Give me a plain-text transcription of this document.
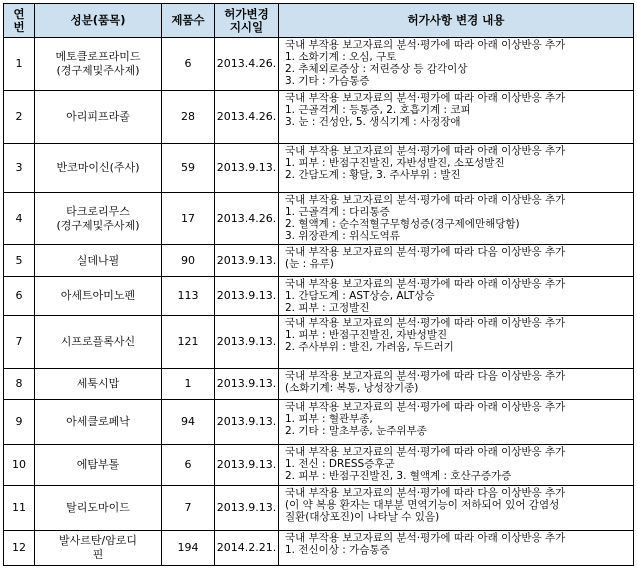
연
번	성분(품목)	제품수	허가변경
지시일	허가사항 변경 내용
1	메토클로프라미드
(경구제및주사제)	6	2013.4.26.	국내 부작용 보고자료의 분석·평가에 따라 아래 이상반응 추가
1. 소화기계 : 오심, 구토
2. 추체외로증상 : 저린증상 등 감각이상
3. 기타 : 가슴통증

2	아리피프라졸	28	2013.4.26.	국내 부작용 보고자료의 분석·평가에 따라 아래 이상반응 추가
1. 근골격계 : 등통증, 2. 호흡기계 : 코피
3. 눈 : 건성안, 5. 생식기계 : 사정장애

3	반코마이신(주사)	59	2013.9.13.	국내 부작용 보고자료의 분석·평가에 따라 아래 이상반응 추가
1. 피부 : 반점구진발진, 자반성발진, 소포성발진
2. 간담도계 : 황달, 3. 주사부위 : 발진

4	타크로리무스
(경구제및주사제)	17	2013.4.26.	국내 부작용 보고자료의 분석·평가에 따라 아래 이상반응 추가
1. 근골격계 : 다리통증
2. 혈액계 : 순수적혈구무형성증(경구제에만해당함)
3. 위장관계 : 위식도역류

5	실데나필	90	2013.9.13.	국내 부작용 보고자료의 분석·평가에 따라 다음 이상반응 추가
(눈 : 유루)

6	아세트아미노펜	113	2013.9.13.	국내 부작용 보고자료의 분석·평가에 따라 아래 이상반응 추가
1. 간담도계 : AST상승, ALT상승
2. 피부 : 고정발진

7	시프로플록사신	121	2013.9.13.	국내 부작용 보고자료의 분석·평가에 따라 아래 이상반응 추가
1. 피부 : 반점구진발진, 자반성발진
2. 주사부위 : 발진, 가려움, 두드러기

8	세툭시맙	1	2013.9.13.	국내 부작용 보고자료의 분석·평가에 따라 다음 이상반응 추가
(소화기계: 복통, 낭성장기종)

9	아세클로페낙	94	2013.9.13.	국내 부작용 보고자료의 분석·평가에 따라 아래 이상반응 추가
1. 피부 : 혈관부종,
2. 기타 : 말초부종, 눈주위부종

10	에탐부톨	6	2013.9.13.	국내 부작용 보고자료의 분석·평가에 따라 아래 이상반응 추가
1. 전신 : DRESS증후군
2. 피부 : 반점구진발진, 3. 혈액계 : 호산구증가증

11	탈리도마이드	7	2013.9.13.	국내 부작용 보고자료의 분석·평가에 따라 다음 이상반응 추가
(이 약 복용 환자는 대부분 면역기능이 저하되어 있어 감염성
질환(대상포진)이 나타날 수 있음)

12	발사르탄/암로디
핀	194	2014.2.21.	국내 부작용 보고자료의 분석·평가에 따라 아래 이상반응 추가
1. 전신이상 : 가슴통증
